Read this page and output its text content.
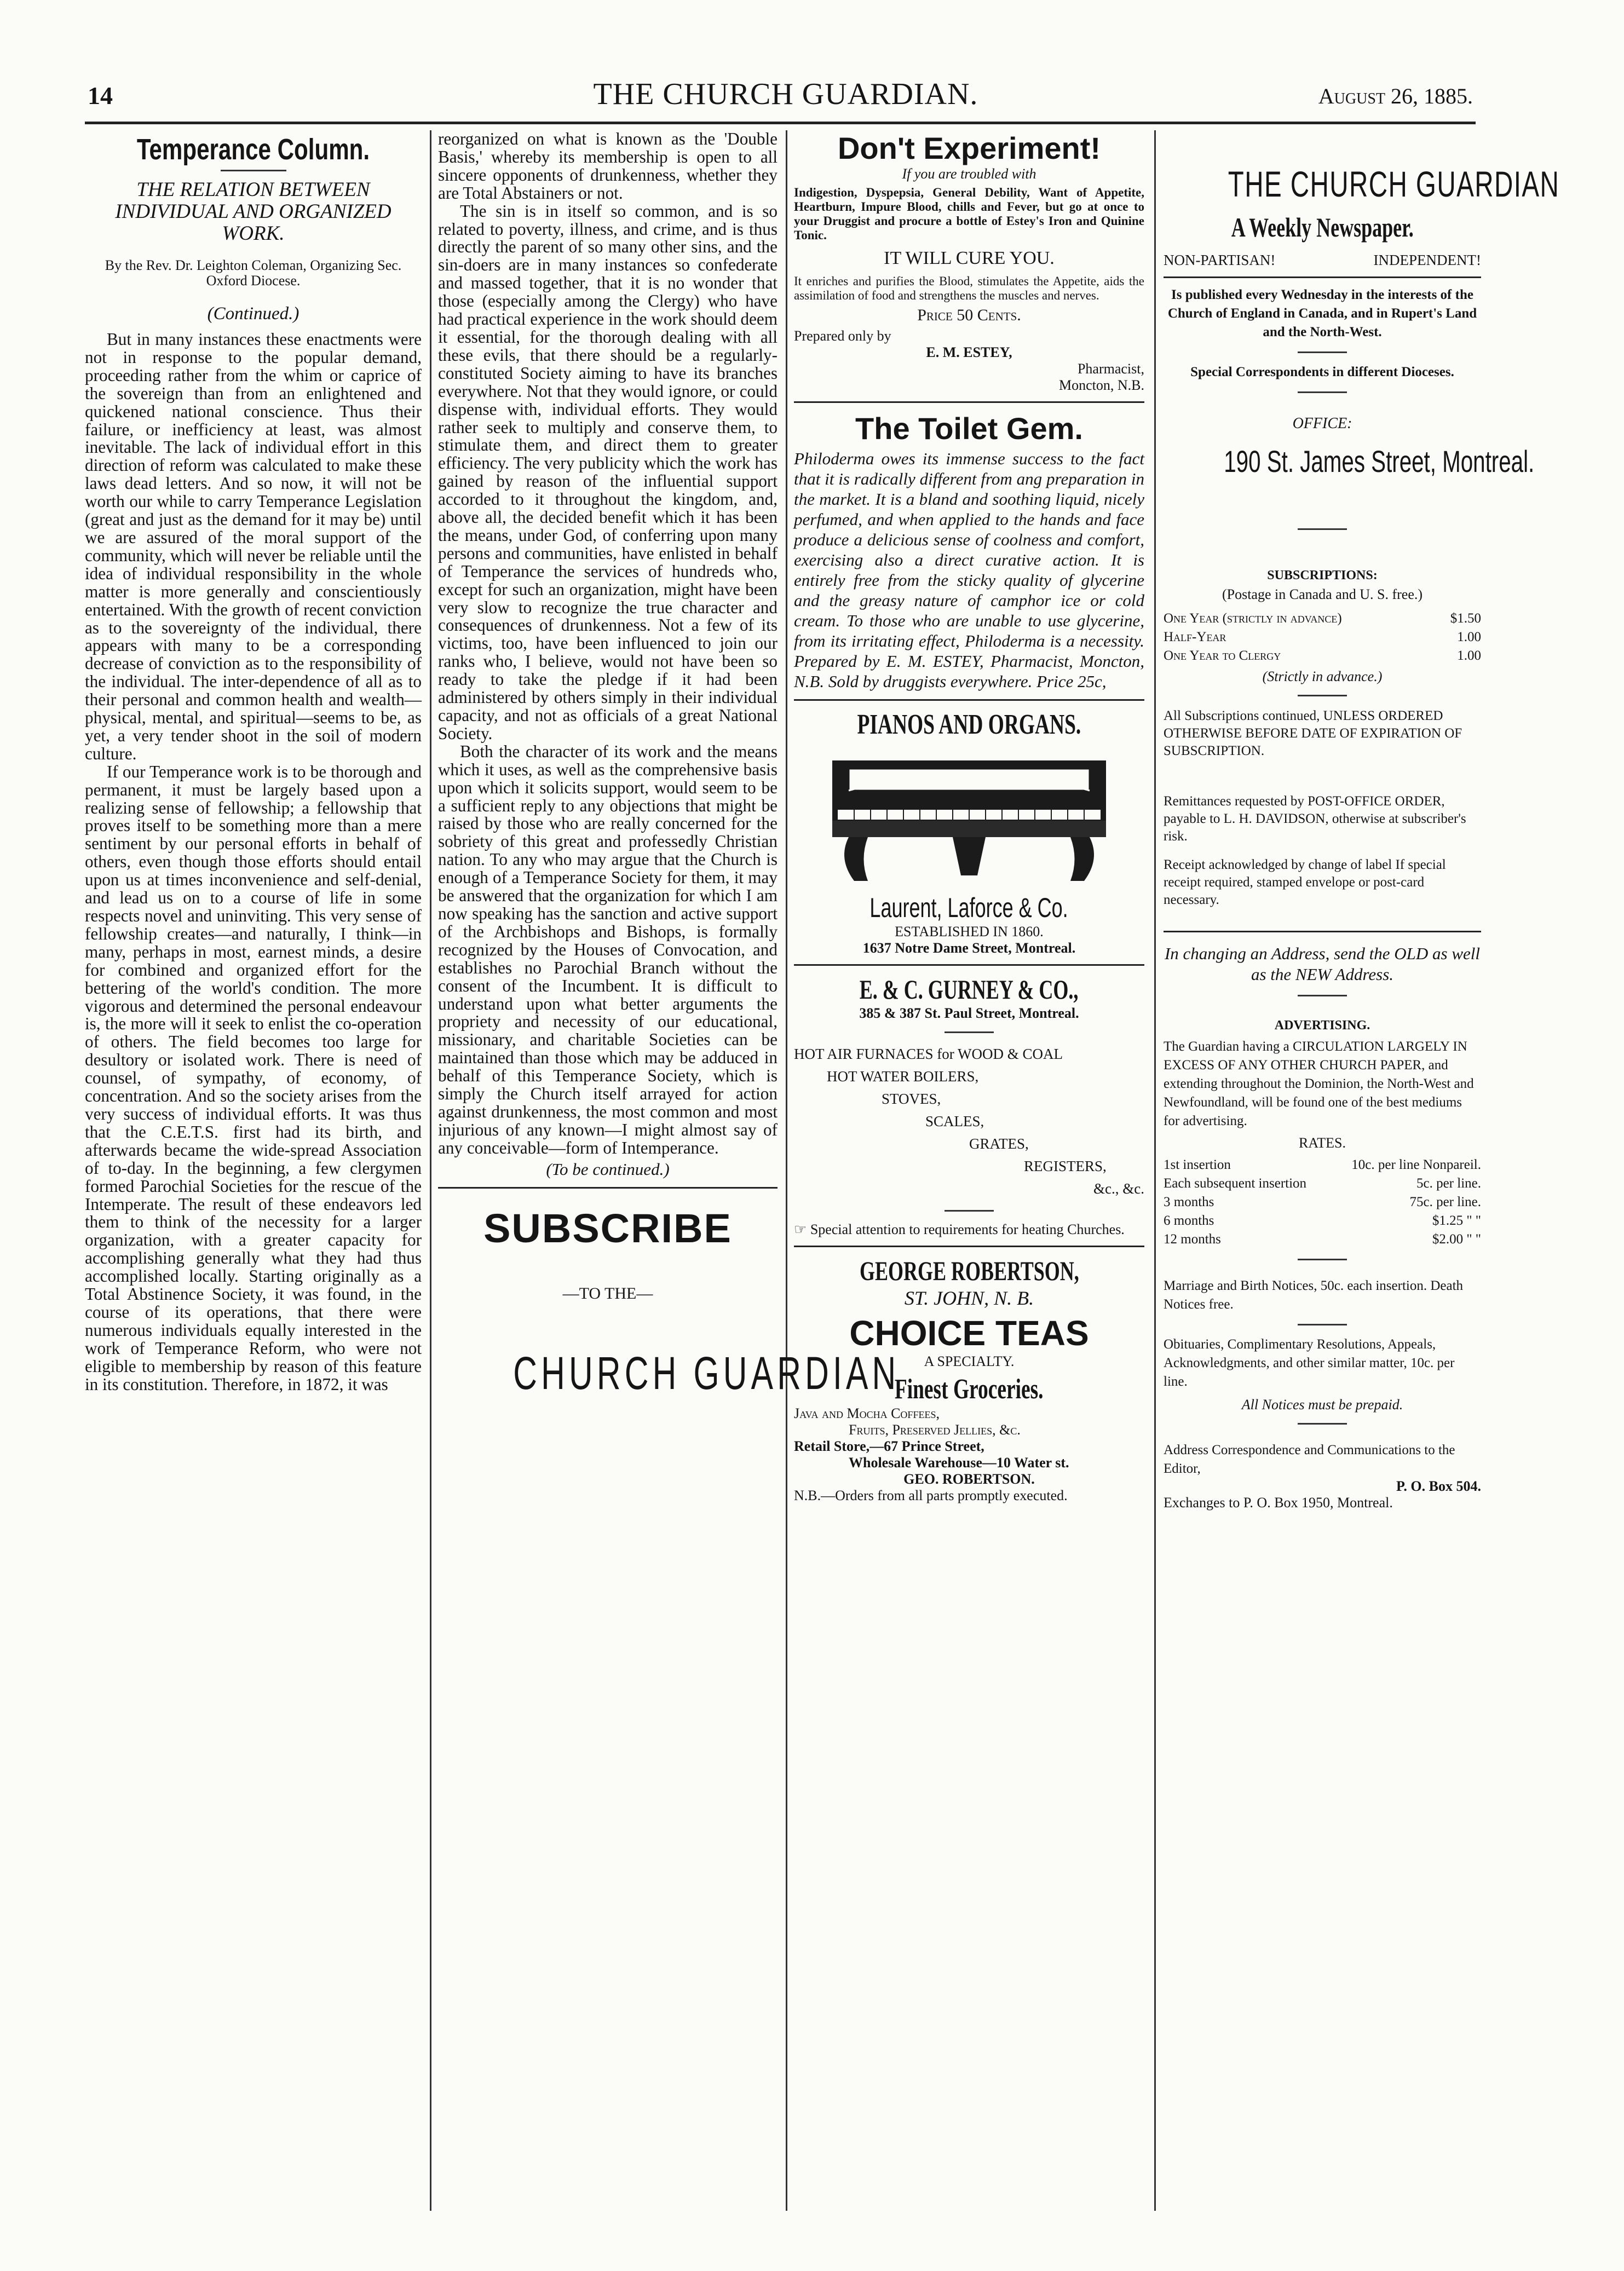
14	THE CHURCH GUARDIAN.	August 26, 1885.
Temperance Column.
THE RELATION BETWEEN INDIVIDUAL AND ORGANIZED WORK.
By the Rev. Dr. Leighton Coleman, Organizing Sec. Oxford Diocese.
(Continued.)

But in many instances these enactments were not in response to the popular demand, proceeding rather from the whim or caprice of the sovereign than from an enlightened and quickened national conscience. Thus their failure, or inefficiency at least, was almost inevitable. The lack of individual effort in this direction of reform was calculated to make these laws dead letters. And so now, it will not be worth our while to carry Temperance Legislation (great and just as the demand for it may be) until we are assured of the moral support of the community, which will never be reliable until the idea of individual responsibility in the whole matter is more generally and conscientiously entertained. With the growth of recent conviction as to the sovereignty of the individual, there appears with many to be a corresponding decrease of conviction as to the responsibility of the individual. The inter-dependence of all as to their personal and common health and wealth—physical, mental, and spiritual—seems to be, as yet, a very tender shoot in the soil of modern culture.

If our Temperance work is to be thorough and permanent, it must be largely based upon a realizing sense of fellowship; a fellowship that proves itself to be something more than a mere sentiment by our personal efforts in behalf of others, even though those efforts should entail upon us at times inconvenience and self-denial, and lead us on to a course of life in some respects novel and uninviting. This very sense of fellowship creates—and naturally, I think—in many, perhaps in most, earnest minds, a desire for combined and organized effort for the bettering of the world's condition. The more vigorous and determined the personal endeavour is, the more will it seek to enlist the co-operation of others. The field becomes too large for desultory or isolated work. There is need of counsel, of sympathy, of economy, of concentration. And so the society arises from the very success of individual efforts. It was thus that the C.E.T.S. first had its birth, and afterwards became the wide-spread Association of to-day. In the beginning, a few clergymen formed Parochial Societies for the rescue of the Intemperate. The result of these endeavors led them to think of the necessity for a larger organization, with a greater capacity for accomplishing generally what they had thus accomplished locally. Starting originally as a Total Abstinence Society, it was found, in the course of its operations, that there were numerous individuals equally interested in the work of Temperance Reform, who were not eligible to membership by reason of this feature in its constitution. Therefore, in 1872, it was

reorganized on what is known as the 'Double Basis,' whereby its membership is open to all sincere opponents of drunkenness, whether they are Total Abstainers or not.

The sin is in itself so common, and is so related to poverty, illness, and crime, and is thus directly the parent of so many other sins, and the sin-doers are in many instances so confederate and massed together, that it is no wonder that those (especially among the Clergy) who have had practical experience in the work should deem it essential, for the thorough dealing with all these evils, that there should be a regularly-constituted Society aiming to have its branches everywhere. Not that they would ignore, or could dispense with, individual efforts. They would rather seek to multiply and conserve them, to stimulate them, and direct them to greater efficiency. The very publicity which the work has gained by reason of the influential support accorded to it throughout the kingdom, and, above all, the decided benefit which it has been the means, under God, of conferring upon many persons and communities, have enlisted in behalf of Temperance the services of hundreds who, except for such an organization, might have been very slow to recognize the true character and consequences of drunkenness. Not a few of its victims, too, have been influenced to join our ranks who, I believe, would not have been so ready to take the pledge if it had been administered by others simply in their individual capacity, and not as officials of a great National Society.

Both the character of its work and the means which it uses, as well as the comprehensive basis upon which it solicits support, would seem to be a sufficient reply to any objections that might be raised by those who are really concerned for the sobriety of this great and professedly Christian nation. To any who may argue that the Church is enough of a Temperance Society for them, it may be answered that the organization for which I am now speaking has the sanction and active support of the Archbishops and Bishops, is formally recognized by the Houses of Convocation, and establishes no Parochial Branch without the consent of the Incumbent. It is difficult to understand upon what better arguments the propriety and necessity of our educational, missionary, and charitable Societies can be maintained than those which may be adduced in behalf of this Temperance Society, which is simply the Church itself arrayed for action against drunkenness, the most common and most injurious of any known—I might almost say of any conceivable—form of Intemperance.

(To be continued.)
SUBSCRIBE
—TO THE—
CHURCH GUARDIAN
Don't Experiment!
If you are troubled with
Indigestion, Dyspepsia, General Debility, Want of Appetite, Heartburn, Impure Blood, chills and Fever, but go at once to your Druggist and procure a bottle of Estey's Iron and Quinine Tonic.
IT WILL CURE YOU.
It enriches and purifies the Blood, stimulates the Appetite, aids the assimilation of food and strengthens the muscles and nerves.
Price 50 Cents.
Prepared only by
E. M. ESTEY,
Pharmacist,
Moncton, N.B.
The Toilet Gem.
Philoderma owes its immense success to the fact that it is radically different from ang preparation in the market. It is a bland and soothing liquid, nicely perfumed, and when applied to the hands and face produce a delicious sense of coolness and comfort, exercising also a direct curative action. It is entirely free from the sticky quality of glycerine and the greasy nature of camphor ice or cold cream. To those who are unable to use glycerine, from its irritating effect, Philoderma is a necessity. Prepared by E. M. ESTEY, Pharmacist, Moncton, N.B. Sold by druggists everywhere. Price 25c,
PIANOS AND ORGANS.
Laurent, Laforce & Co.
ESTABLISHED IN 1860.
1637 Notre Dame Street, Montreal.
E. & C. GURNEY & CO.,
385 & 387 St. Paul Street, Montreal.
HOT AIR FURNACES for WOOD & COAL
HOT WATER BOILERS,
STOVES,
SCALES,
GRATES,
REGISTERS,
&c., &c.
☞ Special attention to requirements for heating Churches.
GEORGE ROBERTSON,
ST. JOHN, N. B.
CHOICE TEAS
A SPECIALTY.
Finest Groceries.
Java and Mocha Coffees,
Fruits, Preserved Jellies, &c.
Retail Store,—67 Prince Street,
Wholesale Warehouse—10 Water st.
GEO. ROBERTSON.
N.B.—Orders from all parts promptly executed.
THE CHURCH GUARDIAN
A Weekly Newspaper.
NON-PARTISAN!	INDEPENDENT!
Is published every Wednesday in the interests of the Church of England in Canada, and in Rupert's Land and the North-West.
Special Correspondents in different Dioceses.
OFFICE:
190 St. James Street, Montreal.
SUBSCRIPTIONS:
(Postage in Canada and U. S. free.)
One Year (strictly in advance)	$1.50
Half-Year	1.00
One Year to Clergy	1.00
(Strictly in advance.)
All Subscriptions continued, UNLESS ORDERED OTHERWISE BEFORE DATE OF EXPIRATION OF SUBSCRIPTION.
Remittances requested by POST-OFFICE ORDER, payable to L. H. DAVIDSON, otherwise at subscriber's risk.
Receipt acknowledged by change of label If special receipt required, stamped envelope or post-card necessary.
In changing an Address, send the OLD as well as the NEW Address.
ADVERTISING.
The Guardian having a CIRCULATION LARGELY IN EXCESS OF ANY OTHER CHURCH PAPER, and extending throughout the Dominion, the North-West and Newfoundland, will be found one of the best mediums for advertising.
RATES.
1st insertion	10c. per line Nonpareil.
Each subsequent insertion	5c. per line.
3 months	75c. per line.
6 months	$1.25 " "
12 months	$2.00 " "
Marriage and Birth Notices, 50c. each insertion. Death Notices free.
Obituaries, Complimentary Resolutions, Appeals, Acknowledgments, and other similar matter, 10c. per line.
All Notices must be prepaid.
Address Correspondence and Communications to the Editor,
P. O. Box 504.
Exchanges to P. O. Box 1950, Montreal.
